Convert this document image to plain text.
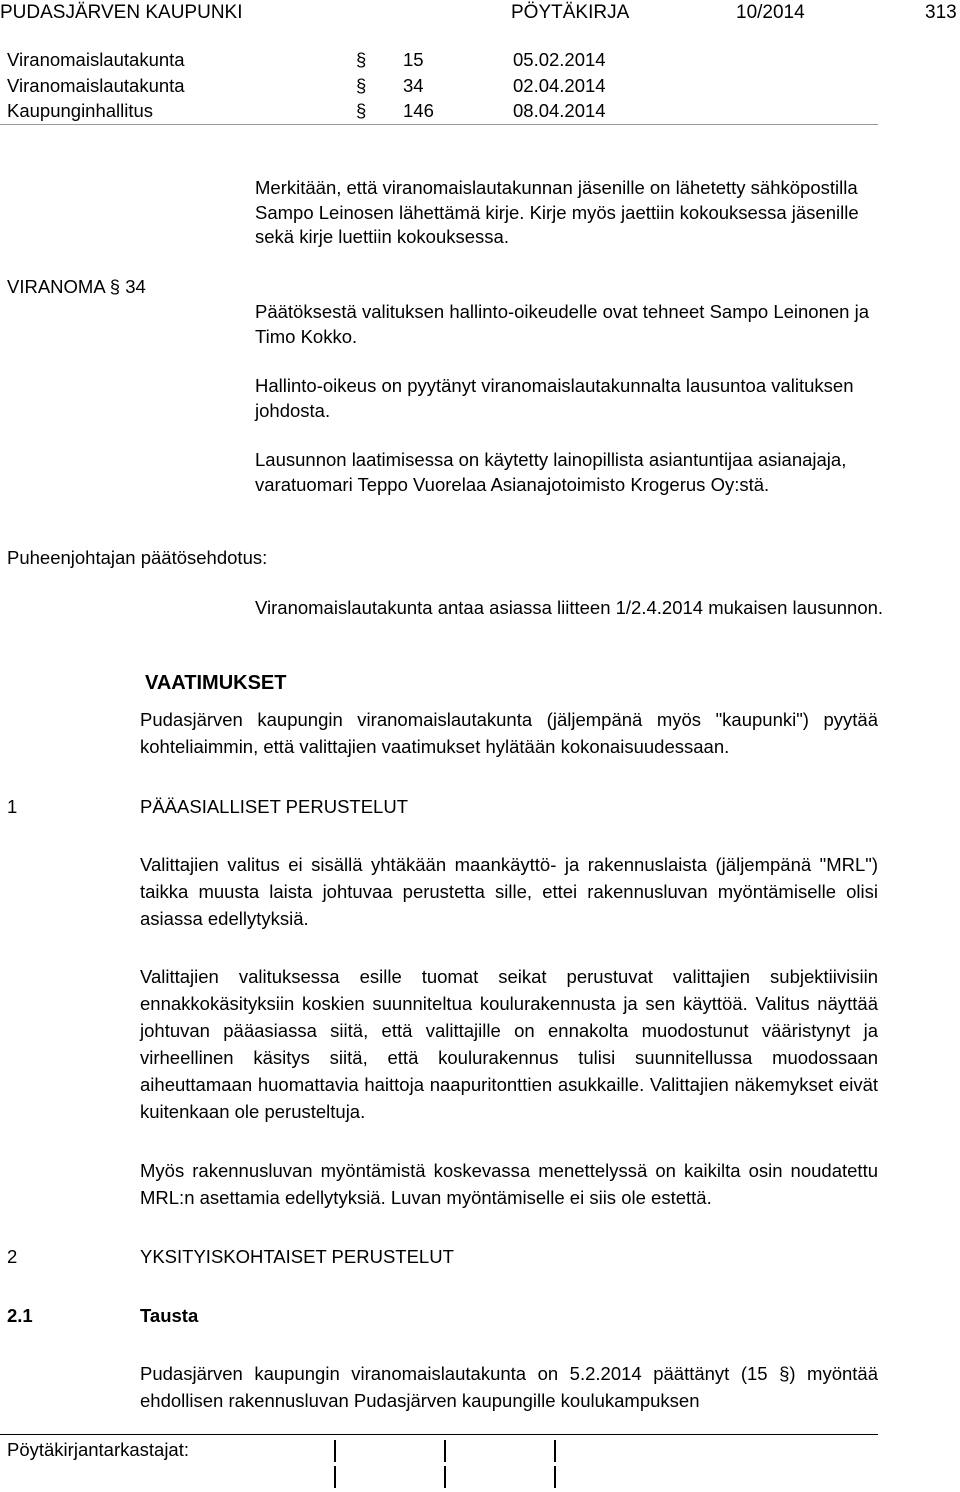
PUDASJÄRVEN KAUPUNKI	PÖYTÄKIRJA	10/2014	313
Viranomaislautakunta	§ 15	05.02.2014
Viranomaislautakunta	§ 34	02.04.2014
Kaupunginhallitus	§ 146	08.04.2014
VIRANOMA § 34
Puheenjohtajan päätösehdotus:

Merkitään, että viranomaislautakunnan jäsenille on lähetetty sähköpostilla Sampo Leinosen lähettämä kirje. Kirje myös jaettiin kokouksessa jäsenille sekä kirje luettiin kokouksessa.

Päätöksestä valituksen hallinto-oikeudelle ovat tehneet Sampo Leinonen ja Timo Kokko.

Hallinto-oikeus on pyytänyt viranomaislautakunnalta lausuntoa valituksen johdosta.

Lausunnon laatimisessa on käytetty lainopillista asiantuntijaa asianajaja, varatuomari Teppo Vuorelaa Asianajotoimisto Krogerus Oy:stä.

Viranomaislautakunta antaa asiassa liitteen 1/2.4.2014 mukaisen lausunnon.

VAATIMUKSET
Pudasjärven kaupungin viranomaislautakunta (jäljempänä myös "kaupunki") pyytää kohteliaimmin, että valittajien vaatimukset hylätään kokonaisuudessaan.
1	PÄÄASIALLISET PERUSTELUT
Valittajien valitus ei sisällä yhtäkään maankäyttö- ja rakennuslaista (jäljempänä "MRL") taikka muusta laista johtuvaa perustetta sille, ettei rakennusluvan myöntämiselle olisi asiassa edellytyksiä.
Valittajien valituksessa esille tuomat seikat perustuvat valittajien subjektiivisiin ennakkokäsityksiin koskien suunniteltua koulurakennusta ja sen käyttöä. Valitus näyttää johtuvan pääasiassa siitä, että valittajille on ennakolta muodostunut vääristynyt ja virheellinen käsitys siitä, että koulurakennus tulisi suunnitellussa muodossaan aiheuttamaan huomattavia haittoja naapuritonttien asukkaille. Valittajien näkemykset eivät kuitenkaan ole perusteltuja.
Myös rakennusluvan myöntämistä koskevassa menettelyssä on kaikilta osin noudatettu MRL:n asettamia edellytyksiä. Luvan myöntämiselle ei siis ole estettä.
2	YKSITYISKOHTAISET PERUSTELUT
2.1	Tausta
Pudasjärven kaupungin viranomaislautakunta on 5.2.2014 päättänyt (15 §) myöntää ehdollisen rakennusluvan Pudasjärven kaupungille koulukampuksen
Pöytäkirjantarkastajat:
